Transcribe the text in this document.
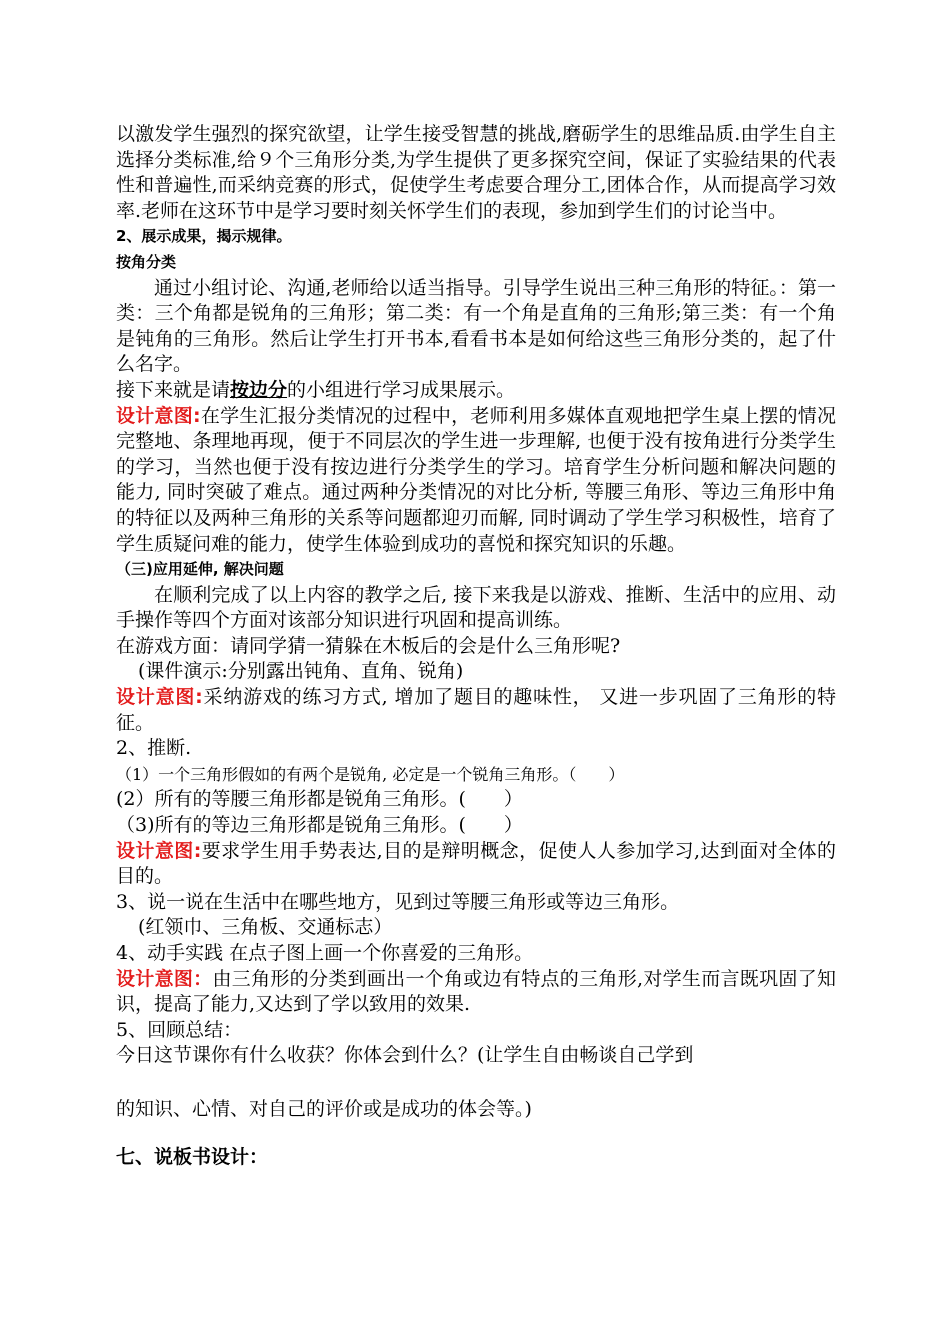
以激发学生强烈的探究欲望，让学生接受智慧的挑战,磨砺学生的思维品质.由学生自主选择分类标准,给９个三角形分类,为学生提供了更多探究空间，保证了实验结果的代表性和普遍性,而采纳竞赛的形式，促使学生考虑要合理分工,团体合作，从而提高学习效率.老师在这环节中是学习要时刻关怀学生们的表现，参加到学生们的讨论当中。

2、展示成果，揭示规律。

按角分类

通过小组讨论、沟通,老师给以适当指导。引导学生说出三种三角形的特征。：第一类：三个角都是锐角的三角形；第二类：有一个角是直角的三角形;第三类：有一个角是钝角的三角形。然后让学生打开书本,看看书本是如何给这些三角形分类的，起了什么名字。

接下来就是请按边分的小组进行学习成果展示。

设计意图:在学生汇报分类情况的过程中，老师利用多媒体直观地把学生桌上摆的情况完整地、条理地再现，便于不同层次的学生进一步理解, 也便于没有按角进行分类学生的学习，当然也便于没有按边进行分类学生的学习。培育学生分析问题和解决问题的能力, 同时突破了难点。通过两种分类情况的对比分析, 等腰三角形、等边三角形中角的特征以及两种三角形的关系等问题都迎刃而解, 同时调动了学生学习积极性，培育了学生质疑问难的能力，使学生体验到成功的喜悦和探究知识的乐趣。

（三)应用延伸, 解决问题

在顺利完成了以上内容的教学之后, 接下来我是以游戏、推断、生活中的应用、动手操作等四个方面对该部分知识进行巩固和提高训练。

在游戏方面：请同学猜一猜躲在木板后的会是什么三角形呢?

(课件演示:分别露出钝角、直角、锐角)

设计意图:采纳游戏的练习方式, 增加了题目的趣味性， 又进一步巩固了三角形的特征。

2、推断.

（1）一个三角形假如的有两个是锐角, 必定是一个锐角三角形。（　　）

(2）所有的等腰三角形都是锐角三角形。(　　）

（3)所有的等边三角形都是锐角三角形。(　　）

设计意图:要求学生用手势表达,目的是辩明概念，促使人人参加学习,达到面对全体的目的。

3、说一说在生活中在哪些地方，见到过等腰三角形或等边三角形。

(红领巾、三角板、交通标志）

4、动手实践 在点子图上画一个你喜爱的三角形。

设计意图：由三角形的分类到画出一个角或边有特点的三角形,对学生而言既巩固了知识，提高了能力,又达到了学以致用的效果.

5、回顾总结：

今日这节课你有什么收获？你体会到什么？(让学生自由畅谈自己学到

的知识、心情、对自己的评价或是成功的体会等。)

七、说板书设计：
